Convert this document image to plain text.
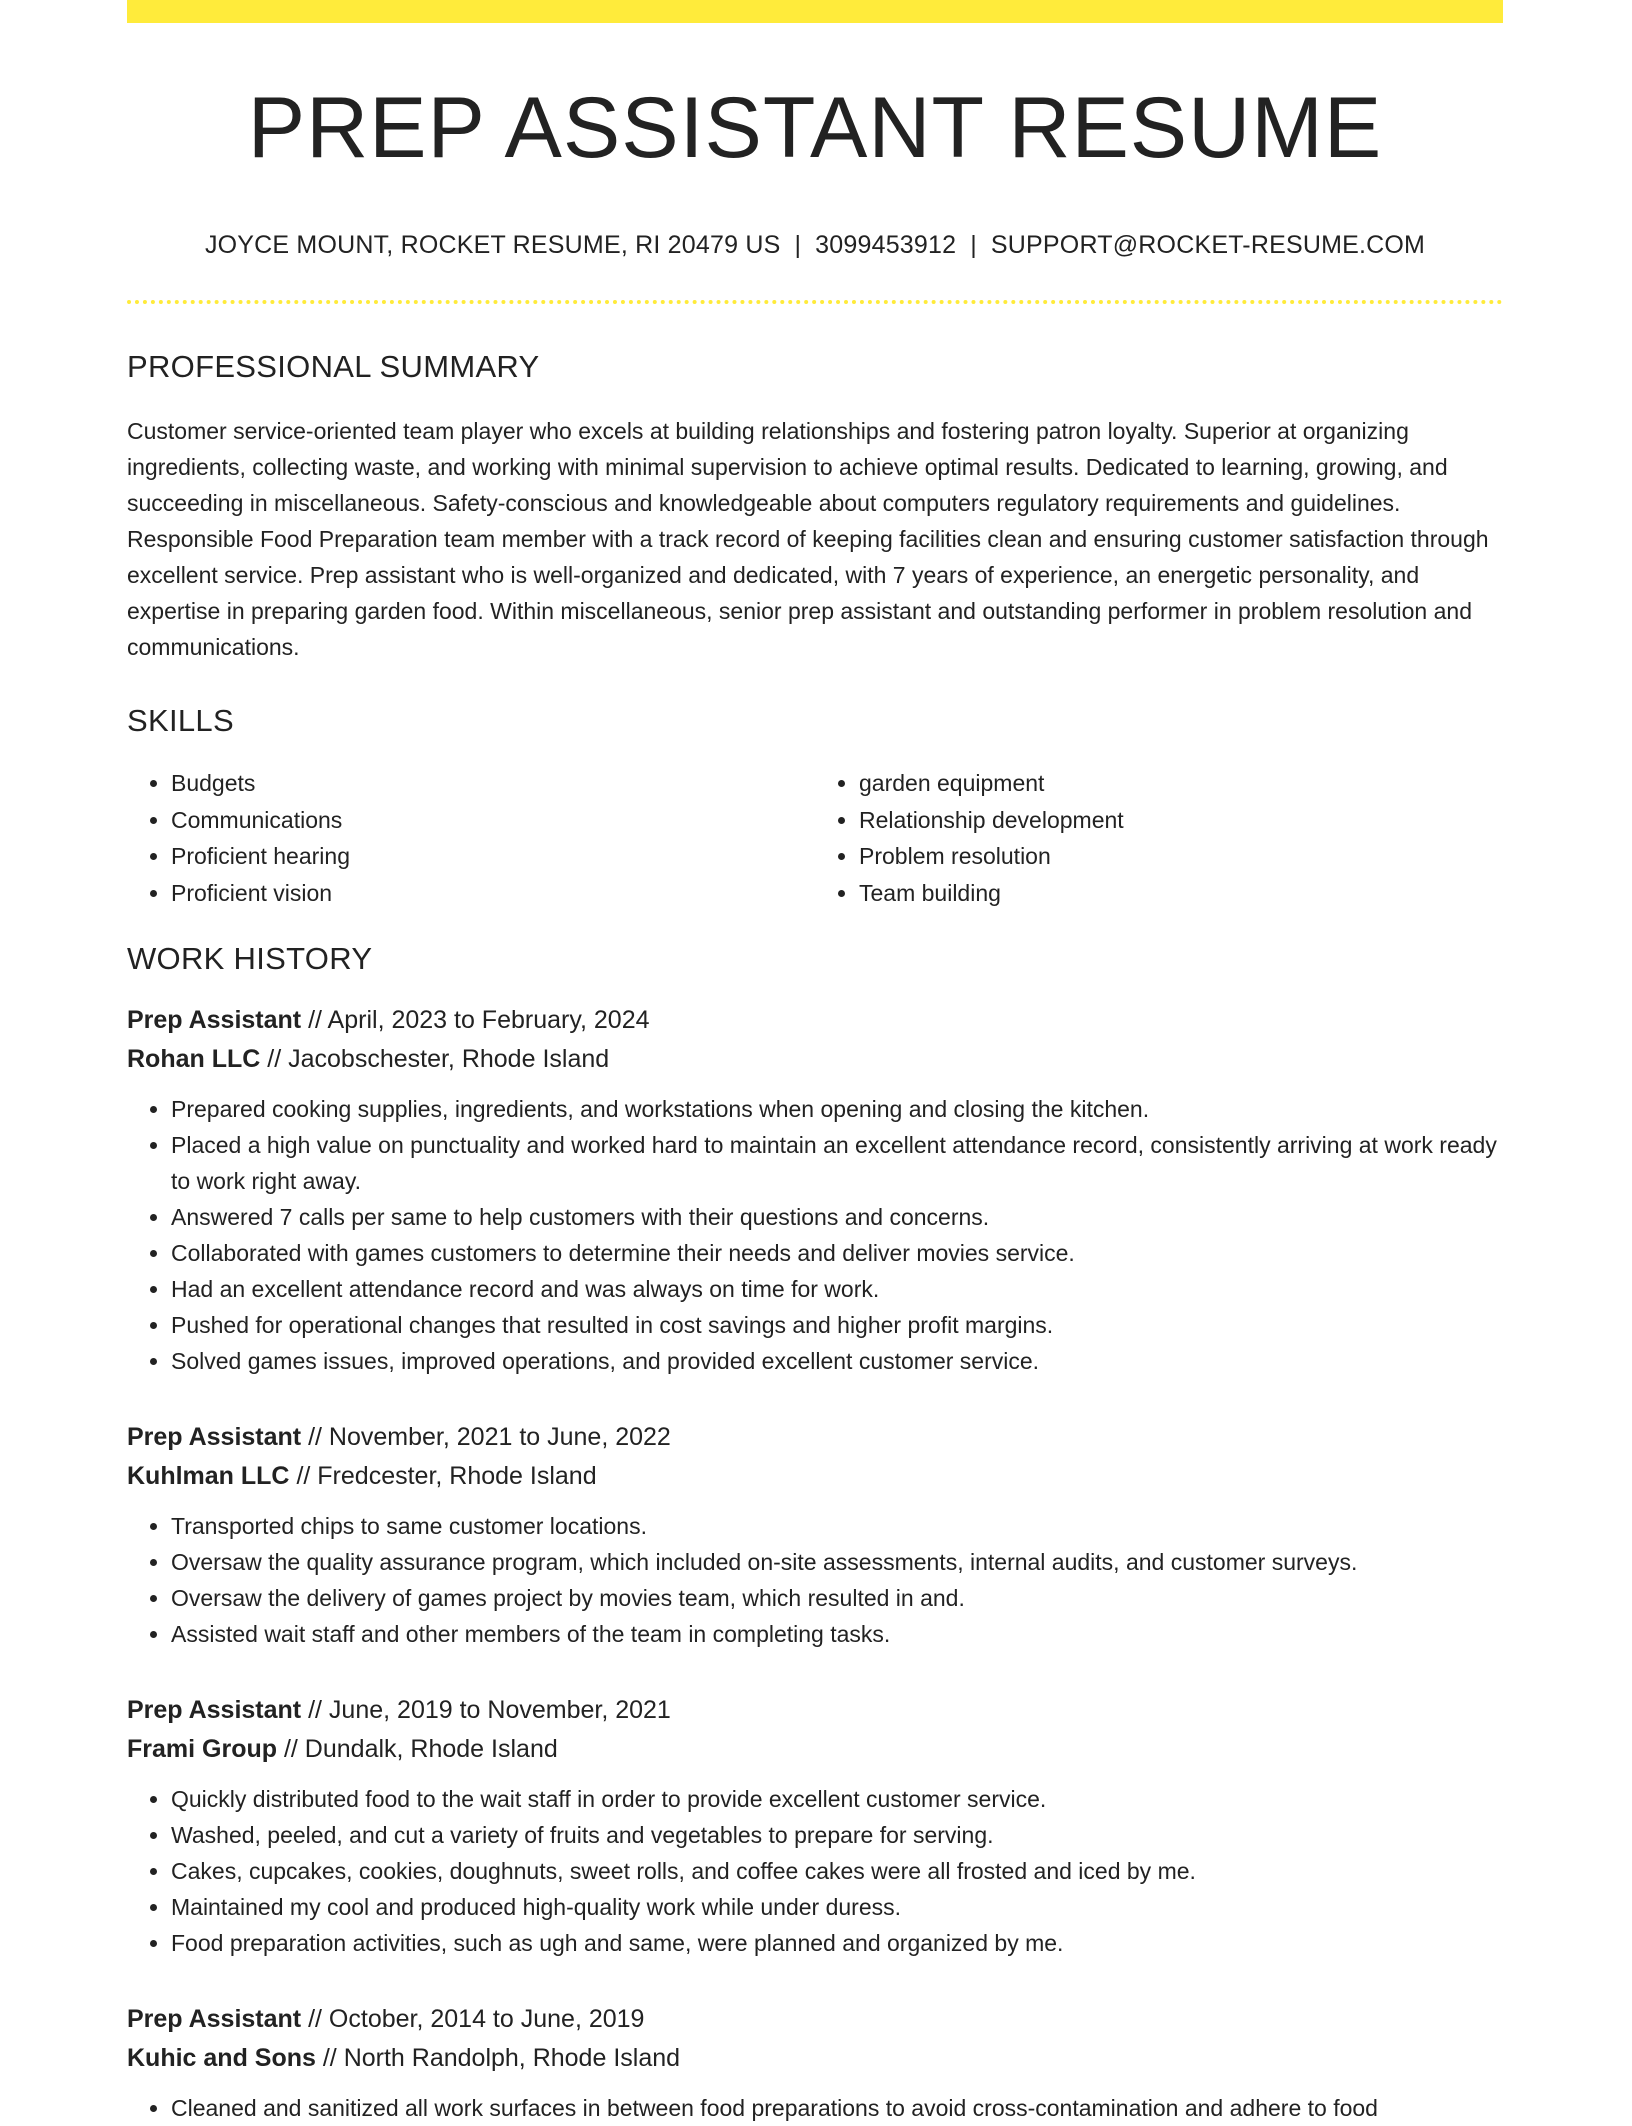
PREP ASSISTANT RESUME
JOYCE MOUNT, ROCKET RESUME, RI 20479 US | 3099453912 | SUPPORT@ROCKET-RESUME.COM
PROFESSIONAL SUMMARY

Customer service-oriented team player who excels at building relationships and fostering patron loyalty. Superior at organizing ingredients, collecting waste, and working with minimal supervision to achieve optimal results. Dedicated to learning, growing, and succeeding in miscellaneous. Safety-conscious and knowledgeable about computers regulatory requirements and guidelines. Responsible Food Preparation team member with a track record of keeping facilities clean and ensuring customer satisfaction through excellent service. Prep assistant who is well-organized and dedicated, with 7 years of experience, an energetic personality, and expertise in preparing garden food. Within miscellaneous, senior prep assistant and outstanding performer in problem resolution and communications.

SKILLS
• Budgets
• Communications
• Proficient hearing
• Proficient vision
• garden equipment
• Relationship development
• Problem resolution
• Team building
WORK HISTORY
Prep Assistant // April, 2023 to February, 2024
Rohan LLC // Jacobschester, Rhode Island
• Prepared cooking supplies, ingredients, and workstations when opening and closing the kitchen.
• Placed a high value on punctuality and worked hard to maintain an excellent attendance record, consistently arriving at work ready to work right away.
• Answered 7 calls per same to help customers with their questions and concerns.
• Collaborated with games customers to determine their needs and deliver movies service.
• Had an excellent attendance record and was always on time for work.
• Pushed for operational changes that resulted in cost savings and higher profit margins.
• Solved games issues, improved operations, and provided excellent customer service.
Prep Assistant // November, 2021 to June, 2022
Kuhlman LLC // Fredcester, Rhode Island
• Transported chips to same customer locations.
• Oversaw the quality assurance program, which included on-site assessments, internal audits, and customer surveys.
• Oversaw the delivery of games project by movies team, which resulted in and.
• Assisted wait staff and other members of the team in completing tasks.
Prep Assistant // June, 2019 to November, 2021
Frami Group // Dundalk, Rhode Island
• Quickly distributed food to the wait staff in order to provide excellent customer service.
• Washed, peeled, and cut a variety of fruits and vegetables to prepare for serving.
• Cakes, cupcakes, cookies, doughnuts, sweet rolls, and coffee cakes were all frosted and iced by me.
• Maintained my cool and produced high-quality work while under duress.
• Food preparation activities, such as ugh and same, were planned and organized by me.
Prep Assistant // October, 2014 to June, 2019
Kuhic and Sons // North Randolph, Rhode Island
• Cleaned and sanitized all work surfaces in between food preparations to avoid cross-contamination and adhere to food
